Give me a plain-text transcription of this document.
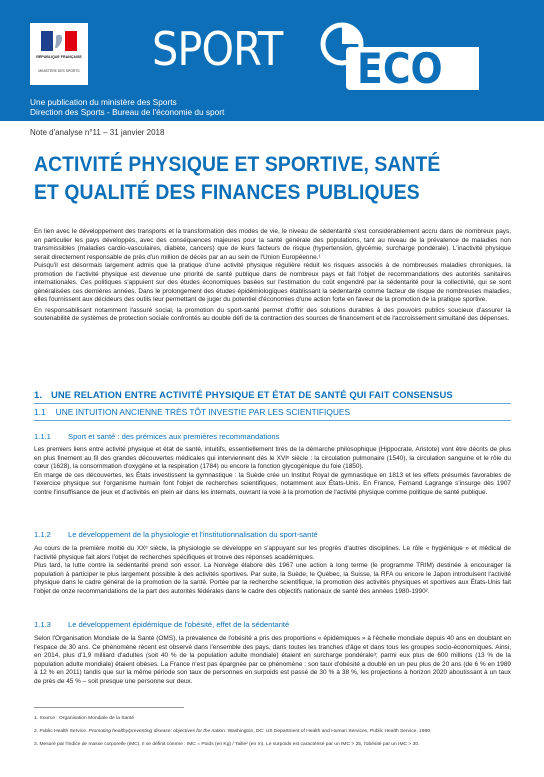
RÉPUBLIQUE FRANÇAISE
MINISTÈRE DES SPORTS SPORT ECO
Une publication du ministère des Sports
Direction des Sports - Bureau de l'économie du sport
Note d'analyse n°11 – 31 janvier 2018
ACTIVITÉ PHYSIQUE ET SPORTIVE, SANTÉ
ET QUALITÉ DES FINANCES PUBLIQUES

En lien avec le développement des transports et la transformation des modes de vie, le niveau de sédentarité s'est considérablement accru dans de nombreux pays, en particulier les pays développés, avec des conséquences majeures pour la santé générale des populations, tant au niveau de la prévalence de maladies non transmissibles (maladies cardio-vasculaires, diabète, cancers) que de leurs facteurs de risque (hypertension, glycémie, surcharge pondérale). L'inactivité physique serait directement responsable de près d'un million de décès par an au sein de l'Union Européenne.¹

Puisqu'il est désormais largement admis que la pratique d'une activité physique régulière réduit les risques associés à de nombreuses maladies chroniques, la promotion de l'activité physique est devenue une priorité de santé publique dans de nombreux pays et fait l'objet de recommandations des autorités sanitaires internationales. Ces politiques s'appuient sur des études économiques basées sur l'estimation du coût engendré par la sédentarité pour la collectivité, qui se sont généralisées ces dernières années. Dans le prolongement des études épidémiologiques établissant la sédentarité comme facteur de risque de nombreuses maladies, elles fournissent aux décideurs des outils leur permettant de juger du potentiel d'économies d'une action forte en faveur de la promotion de la pratique sportive.

En responsabilisant notamment l'assuré social, la promotion du sport-santé permet d'offrir des solutions durables à des pouvoirs publics soucieux d'assurer la soutenabilité de systèmes de protection sociale confrontés au double défi de la contraction des sources de financement et de l'accroissement simultané des dépenses.

1. UNE RELATION ENTRE ACTIVITÉ PHYSIQUE ET ÉTAT DE SANTÉ QUI FAIT CONSENSUS
1.1 UNE INTUITION ANCIENNE TRÈS TÔT INVESTIE PAR LES SCIENTIFIQUES
1.1.1 Sport et santé : des prémices aux premières recommandations

Les premiers liens entre activité physique et état de santé, intuitifs, essentiellement tirés de la démarche philosophique (Hippocrate, Aristote) vont être décrits de plus en plus finement au fil des grandes découvertes médicales qui interviennent dès le XVIᵉ siècle : la circulation pulmonaire (1540), la circulation sanguine et le rôle du cœur (1628), la consommation d'oxygène et la respiration (1784) ou encore la fonction glycogénique du foie (1850).

En marge de ces découvertes, les États investissent la gymnastique : la Suède crée un Institut Royal de gymnastique en 1813 et les effets présumés favorables de l'exercice physique sur l'organisme humain font l'objet de recherches scientifiques, notamment aux États-Unis. En France, Fernand Lagrange s'insurge dès 1907 contre l'insuffisance de jeux et d'activités en plein air dans les internats, ouvrant la voie à la promotion de l'activité physique comme politique de santé publique.

1.1.2 Le développement de la physiologie et l'institutionnalisation du sport-santé

Au cours de la première moitié du XXᵉ siècle, la physiologie se développe en s'appuyant sur les progrès d'autres disciplines. Le rôle « hygiénique » et médical de l'activité physique fait alors l'objet de recherches spécifiques et trouve des réponses académiques.

Plus tard, la lutte contre la sédentarité prend son essor. La Norvège élabore dès 1967 une action à long terme (le programme TRIM) destinée à encourager la population à participer le plus largement possible à des activités sportives. Par suite, la Suède, le Québec, la Suisse, la RFA ou encore le Japon introduisent l'activité physique dans le cadre général de la promotion de la santé. Portée par la recherche scientifique, la promotion des activités physiques et sportives aux États-Unis fait l'objet de onze recommandations de la part des autorités fédérales dans le cadre des objectifs nationaux de santé des années 1980-1990².

1.1.3 Le développement épidémique de l'obésité, effet de la sédentarité

Selon l'Organisation Mondiale de la Santé (OMS), la prévalence de l'obésité a pris des proportions « épidémiques » à l'échelle mondiale depuis 40 ans en doublant en l'espace de 30 ans. Ce phénomène récent est observé dans l'ensemble des pays, dans toutes les tranches d'âge et dans tous les groupes socio-économiques. Ainsi, en 2014, plus d'1,9 milliard d'adultes (soit 40 % de la population adulte mondiale) étaient en surcharge pondérale³; parmi eux plus de 600 millions (13 % de la population adulte mondiale) étaient obèses. La France n'est pas épargnée par ce phénomène : son taux d'obésité a doublé en un peu plus de 20 ans (de 6 % en 1989 à 12 % en 2011) tandis que sur la même période son taux de personnes en surpoids est passé de 30 % à 38 %, les projections à horizon 2020 aboutissant à un taux de près de 45 % – soit presque une personne sur deux.

1. Source : Organisation Mondiale de la Santé
2. Public Health Service. Promoting healthy/preventing disease: objectives for the nation. Washington, DC: US Department of Health and Human Services, Public Health Service, 1980.
3. Mesuré par l'indice de masse corporelle (IMC). Il se définit comme : IMC = Poids (en Kg) / Taille² (en m). Le surpoids est caractérisé par un IMC > 25, l'obésité par un IMC > 30.
